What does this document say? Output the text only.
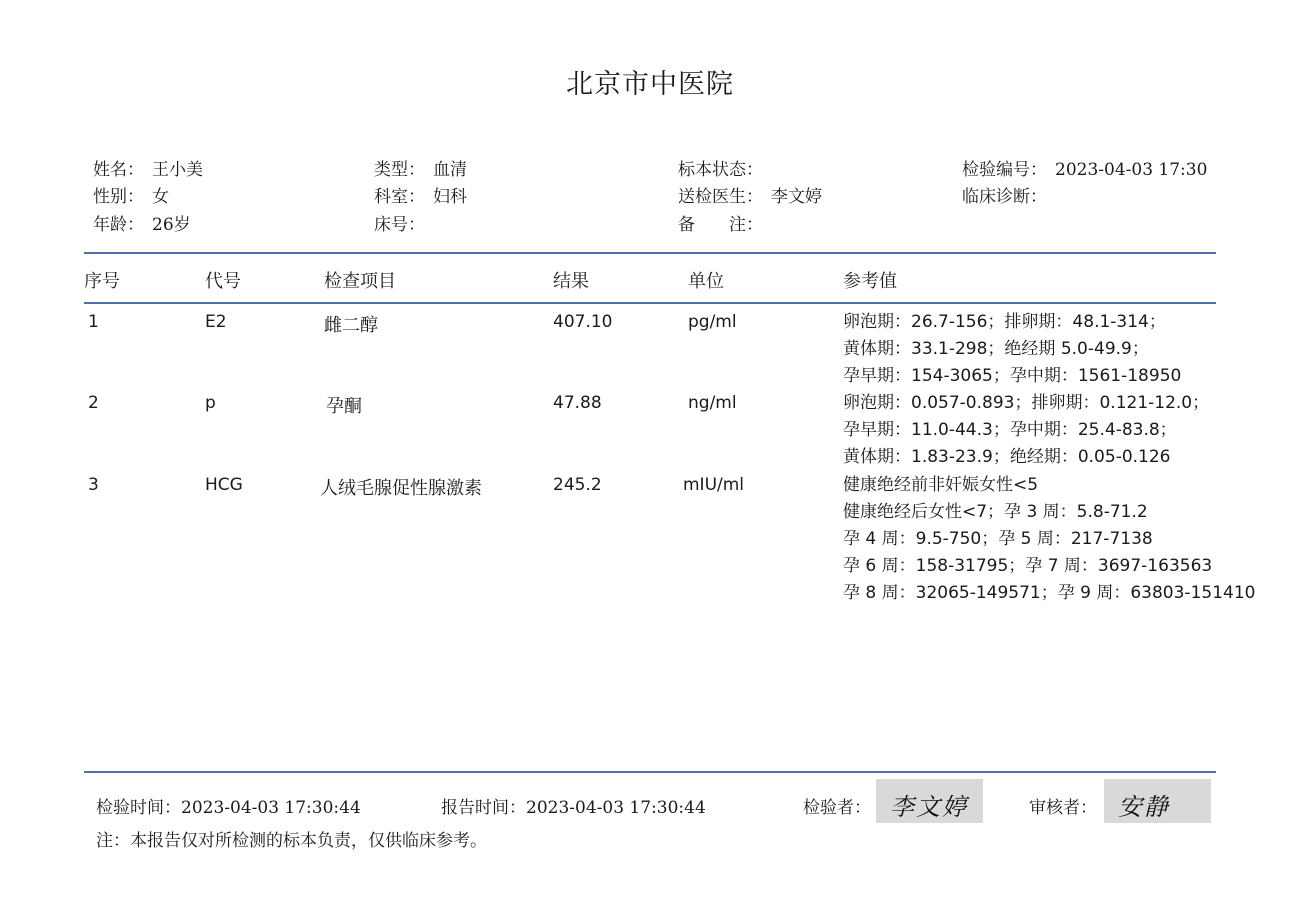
北京市中医院
姓名： 王小美
性别： 女
年龄： 26岁
类型： 血清
科室： 妇科
床号：
标本状态：
送检医生： 李文婷
备　　注：
检验编号： 2023-04-03 17:30
临床诊断：
序号	代号	检查项目	结果	单位	参考值
1	E2	雌二醇	407.10	pg/ml	卵泡期：26.7-156；排卵期：48.1-314；
黄体期：33.1-298；绝经期 5.0-49.9；
孕早期：154-3065；孕中期：1561-18950
2	p	孕酮	47.88	ng/ml	卵泡期：0.057-0.893；排卵期：0.121-12.0；
孕早期：11.0-44.3；孕中期：25.4-83.8；
黄体期：1.83-23.9；绝经期：0.05-0.126
3	HCG	人绒毛腺促性腺激素	245.2	mIU/ml	健康绝经前非奸娠女性<5
健康绝经后女性<7；孕 3 周：5.8-71.2
孕 4 周：9.5-750；孕 5 周：217-7138
孕 6 周：158-31795；孕 7 周：3697-163563
孕 8 周：32065-149571；孕 9 周：63803-151410
检验时间：2023-04-03 17:30:44	报告时间：2023-04-03 17:30:44	检验者： 李文婷	审核者： 安静
注：本报告仅对所检测的标本负责，仅供临床参考。
